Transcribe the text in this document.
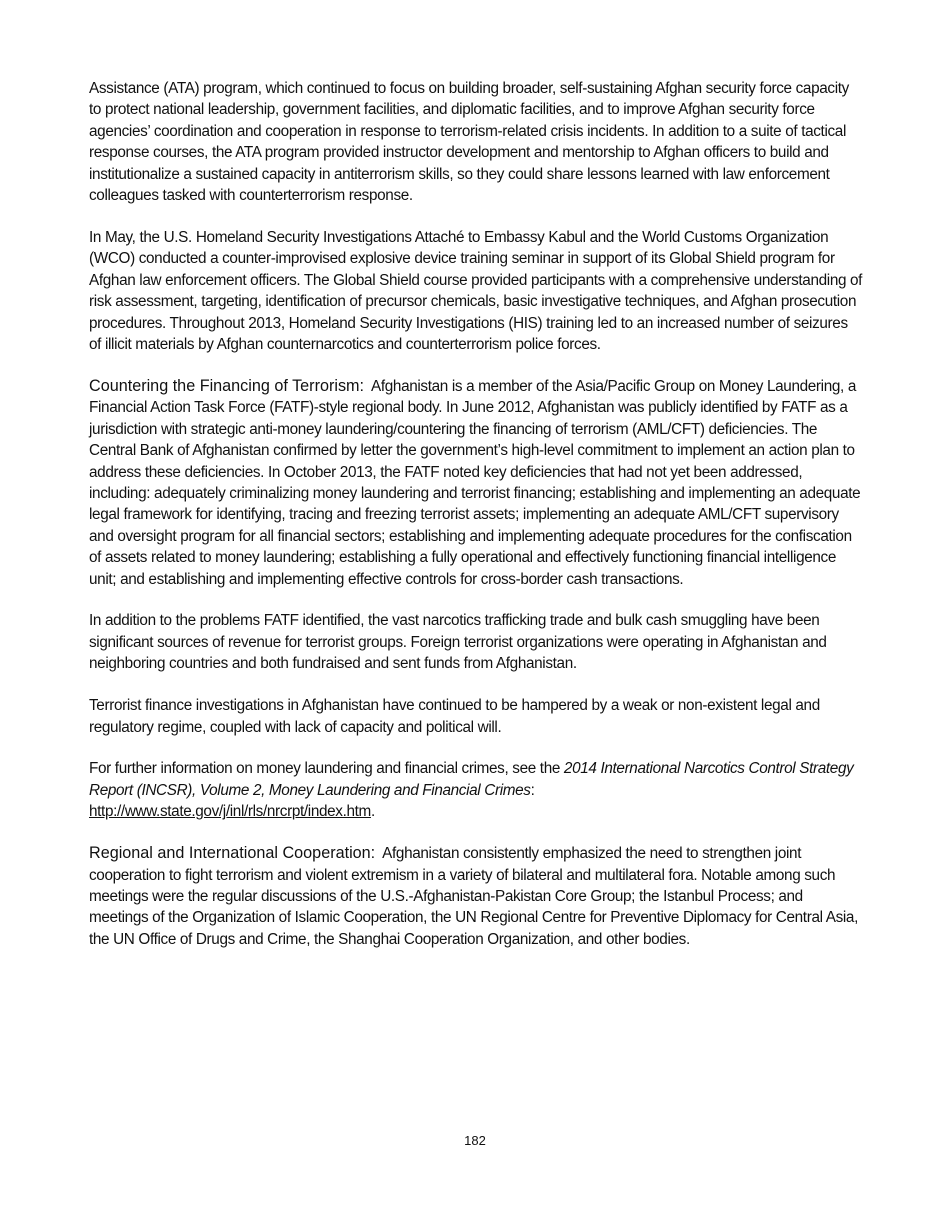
Assistance (ATA) program, which continued to focus on building broader, self-sustaining Afghan security force capacity to protect national leadership, government facilities, and diplomatic facilities, and to improve Afghan security force agencies’ coordination and cooperation in response to terrorism-related crisis incidents. In addition to a suite of tactical response courses, the ATA program provided instructor development and mentorship to Afghan officers to build and institutionalize a sustained capacity in antiterrorism skills, so they could share lessons learned with law enforcement colleagues tasked with counterterrorism response.

In May, the U.S. Homeland Security Investigations Attaché to Embassy Kabul and the World Customs Organization (WCO) conducted a counter-improvised explosive device training seminar in support of its Global Shield program for Afghan law enforcement officers. The Global Shield course provided participants with a comprehensive understanding of risk assessment, targeting, identification of precursor chemicals, basic investigative techniques, and Afghan prosecution procedures. Throughout 2013, Homeland Security Investigations (HIS) training led to an increased number of seizures of illicit materials by Afghan counternarcotics and counterterrorism police forces.

Countering the Financing of Terrorism: Afghanistan is a member of the Asia/Pacific Group on Money Laundering, a Financial Action Task Force (FATF)-style regional body. In June 2012, Afghanistan was publicly identified by FATF as a jurisdiction with strategic anti-money laundering/countering the financing of terrorism (AML/CFT) deficiencies. The Central Bank of Afghanistan confirmed by letter the government’s high-level commitment to implement an action plan to address these deficiencies. In October 2013, the FATF noted key deficiencies that had not yet been addressed, including: adequately criminalizing money laundering and terrorist financing; establishing and implementing an adequate legal framework for identifying, tracing and freezing terrorist assets; implementing an adequate AML/CFT supervisory and oversight program for all financial sectors; establishing and implementing adequate procedures for the confiscation of assets related to money laundering; establishing a fully operational and effectively functioning financial intelligence unit; and establishing and implementing effective controls for cross-border cash transactions.

In addition to the problems FATF identified, the vast narcotics trafficking trade and bulk cash smuggling have been significant sources of revenue for terrorist groups. Foreign terrorist organizations were operating in Afghanistan and neighboring countries and both fundraised and sent funds from Afghanistan.

Terrorist finance investigations in Afghanistan have continued to be hampered by a weak or non-existent legal and regulatory regime, coupled with lack of capacity and political will.

For further information on money laundering and financial crimes, see the 2014 International Narcotics Control Strategy Report (INCSR), Volume 2, Money Laundering and Financial Crimes:
http://www.state.gov/j/inl/rls/nrcrpt/index.htm.

Regional and International Cooperation: Afghanistan consistently emphasized the need to strengthen joint cooperation to fight terrorism and violent extremism in a variety of bilateral and multilateral fora. Notable among such meetings were the regular discussions of the U.S.-Afghanistan-Pakistan Core Group; the Istanbul Process; and meetings of the Organization of Islamic Cooperation, the UN Regional Centre for Preventive Diplomacy for Central Asia, the UN Office of Drugs and Crime, the Shanghai Cooperation Organization, and other bodies.

182
